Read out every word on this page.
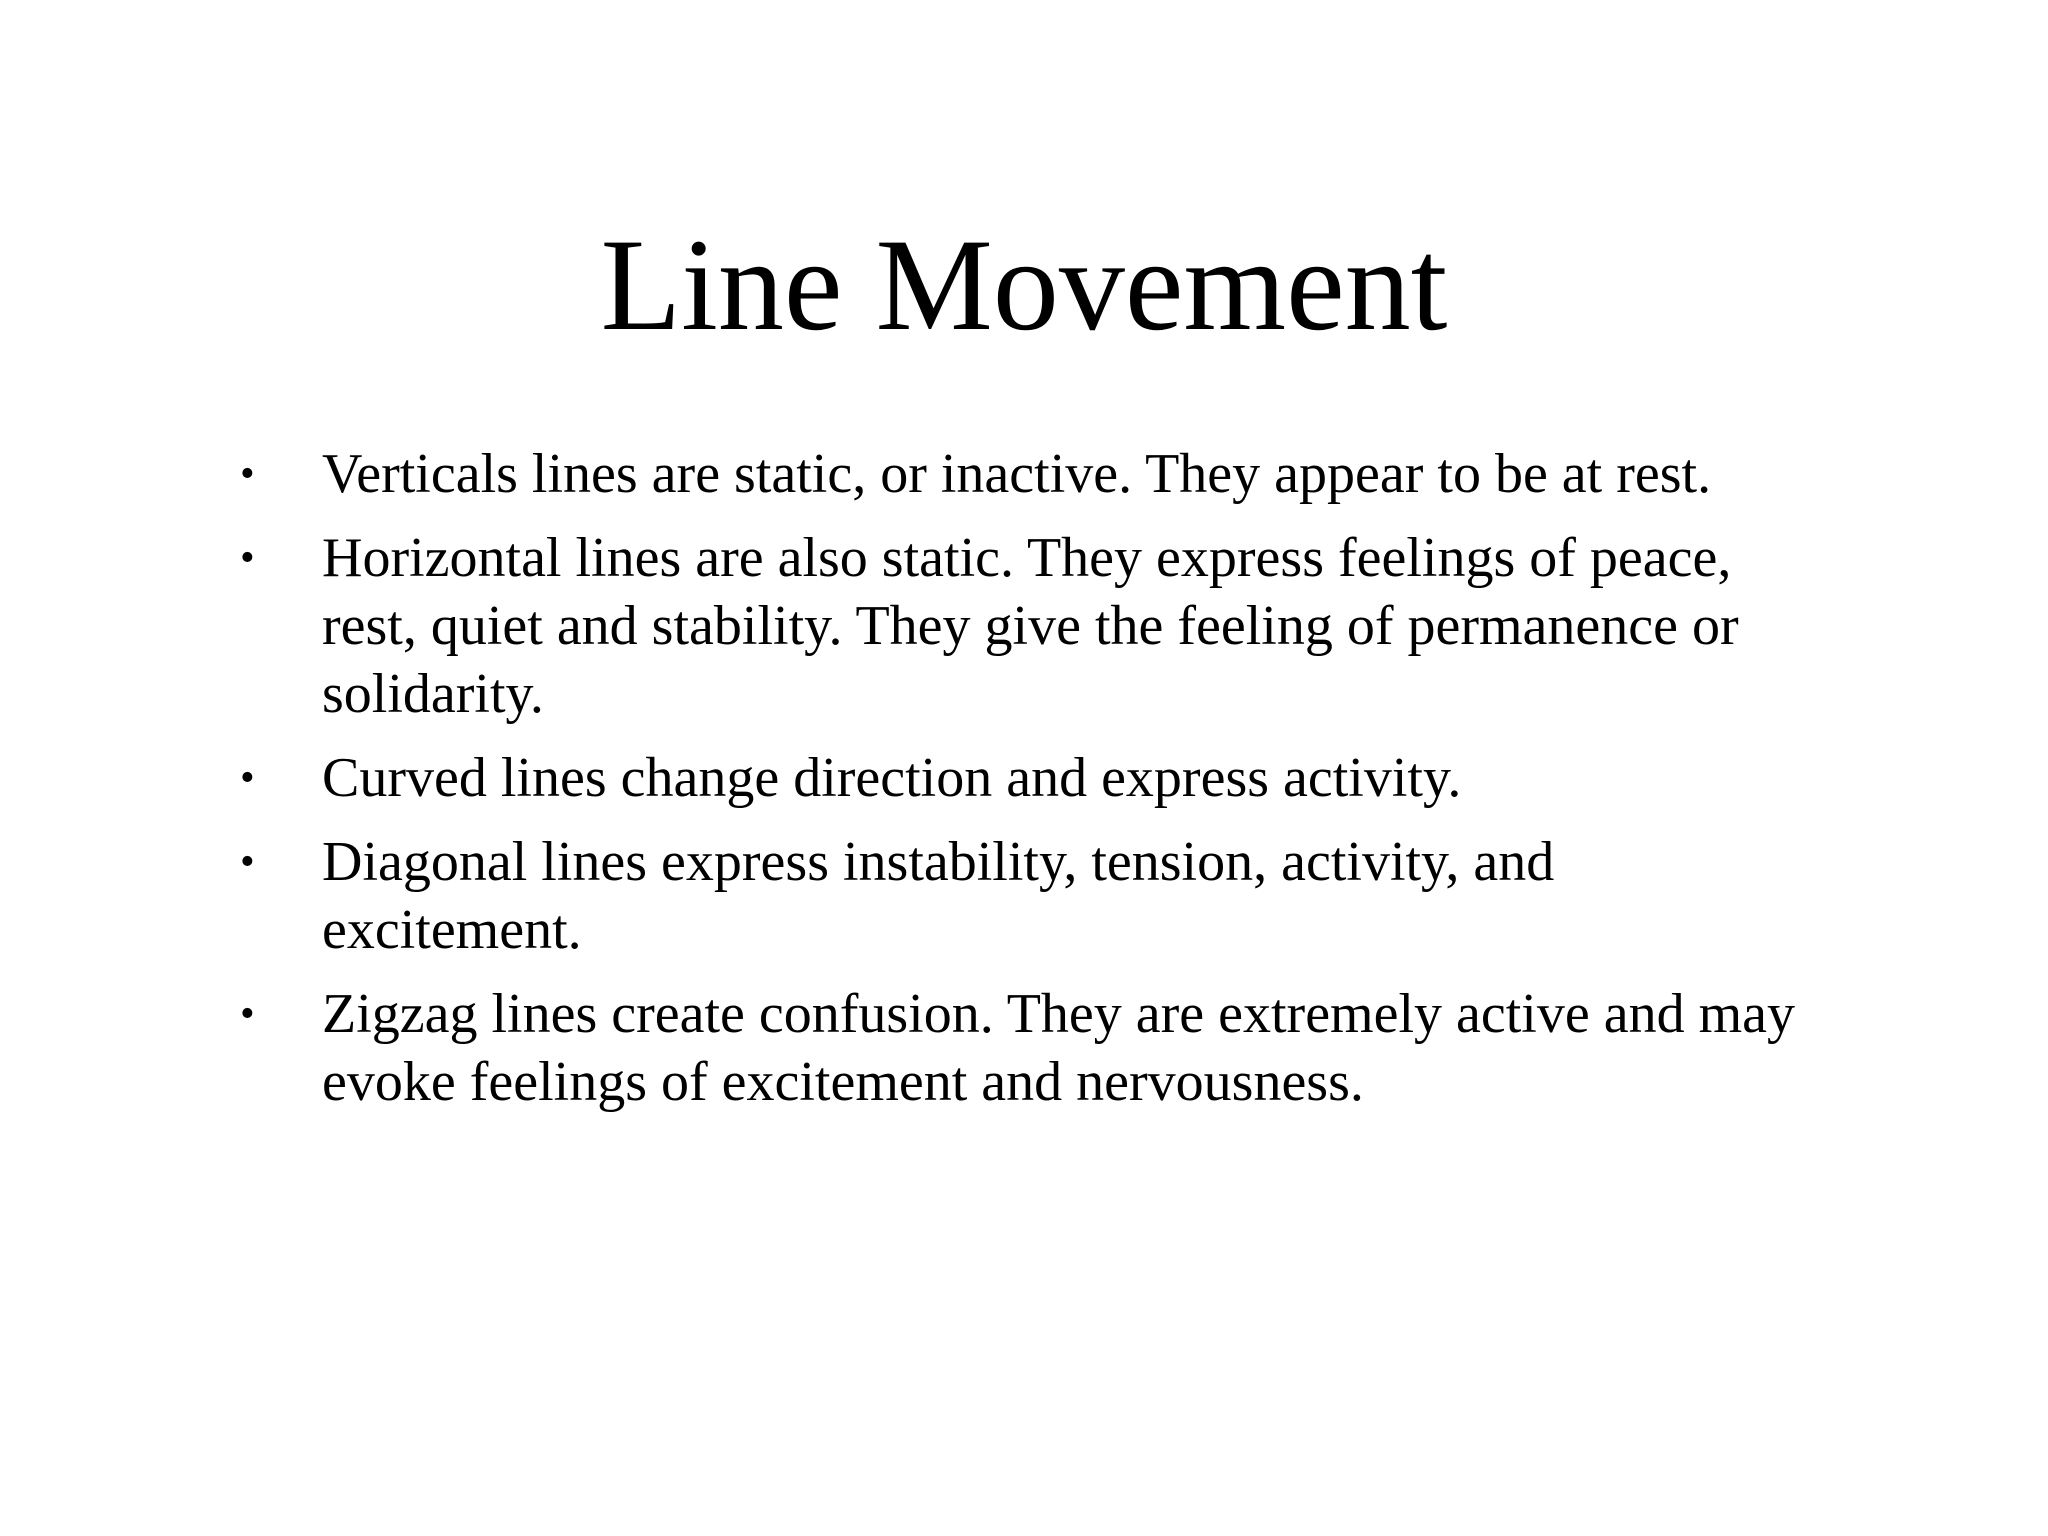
Line Movement
• Verticals lines are static, or inactive. They appear to be at rest.
• Horizontal lines are also static. They express feelings of peace, rest, quiet and stability. They give the feeling of permanence or solidarity.
• Curved lines change direction and express activity.
• Diagonal lines express instability, tension, activity, and excitement.
• Zigzag lines create confusion. They are extremely active and may evoke feelings of excitement and nervousness.
